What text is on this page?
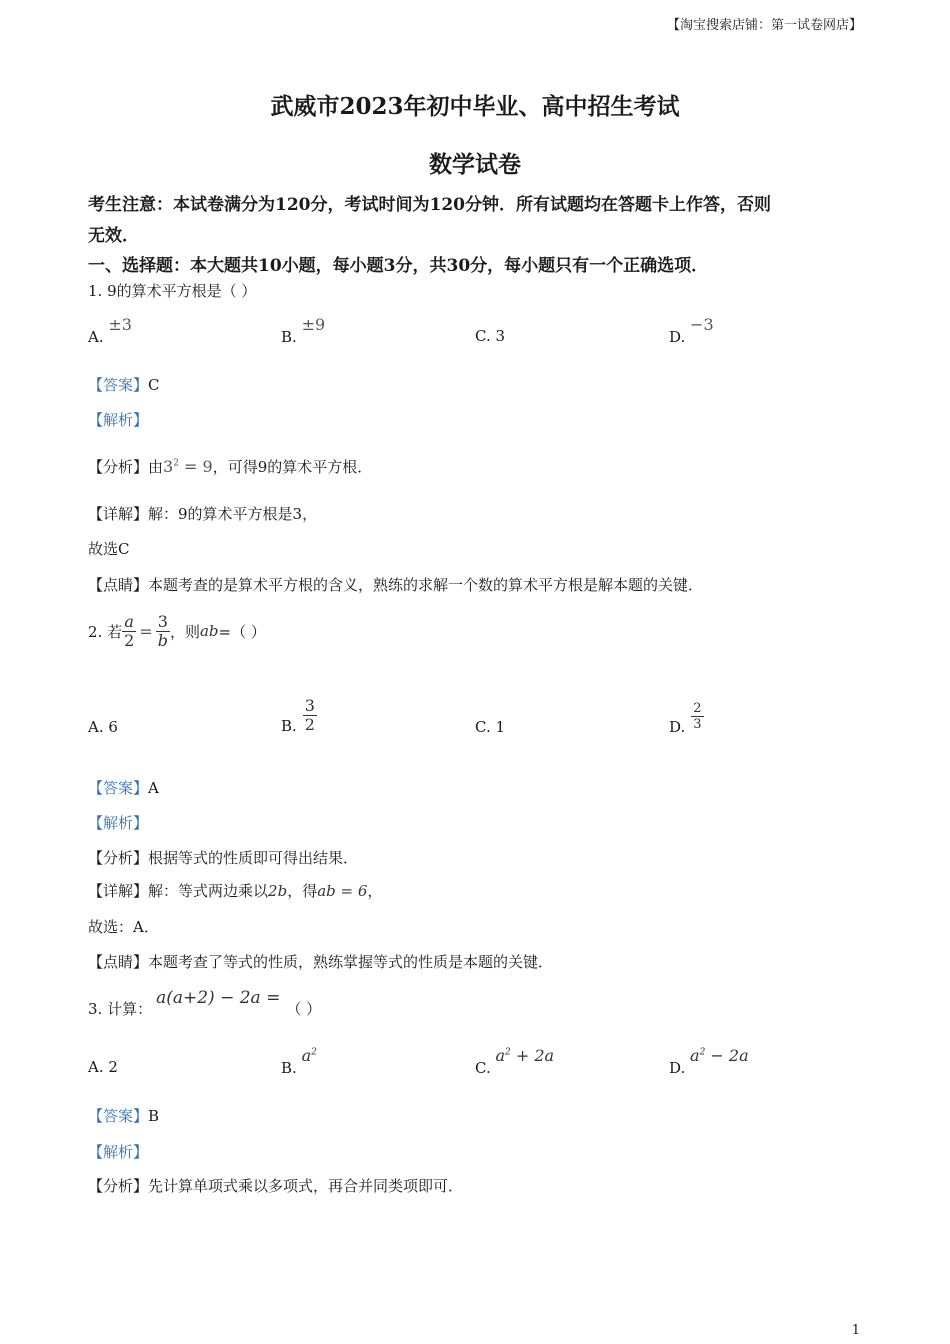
【淘宝搜索店铺：第一试卷网店】
武威市2023年初中毕业、高中招生考试
数学试卷
考生注意：本试卷满分为120分，考试时间为120分钟．所有试题均在答题卡上作答，否则
无效．
一、选择题：本大题共10小题，每小题3分，共30分，每小题只有一个正确选项．
1. 9的算术平方根是（ ）
A. ±3
B. ±9
C. 3	D. −3
【答案】C
【解析】
【分析】由$3^2 = 9$，可得9的算术平方根．
【详解】解：9的算术平方根是3，
故选C
【点睛】本题考查的是算术平方根的含义，熟练的求解一个数的算术平方根是解本题的关键．
2. 若 $\frac{a}{2} = \frac{3}{b}$ ，则 ab =（ ）
A. 6	B. $\frac{3}{2}$	C. 1	D. $\frac{2}{3}$
【答案】A
【解析】
【分析】根据等式的性质即可得出结果．
【详解】解：等式两边乘以2b，得ab = 6，
故选：A．
【点睛】本题考查了等式的性质，熟练掌握等式的性质是本题的关键．
3. 计算：
a(a+2) − 2a =
（ ）
A. 2	B. $a^2$
C. $a^2 + 2a$
D. $a^2 - 2a$
【答案】B
【解析】
【分析】先计算单项式乘以多项式，再合并同类项即可．
1
